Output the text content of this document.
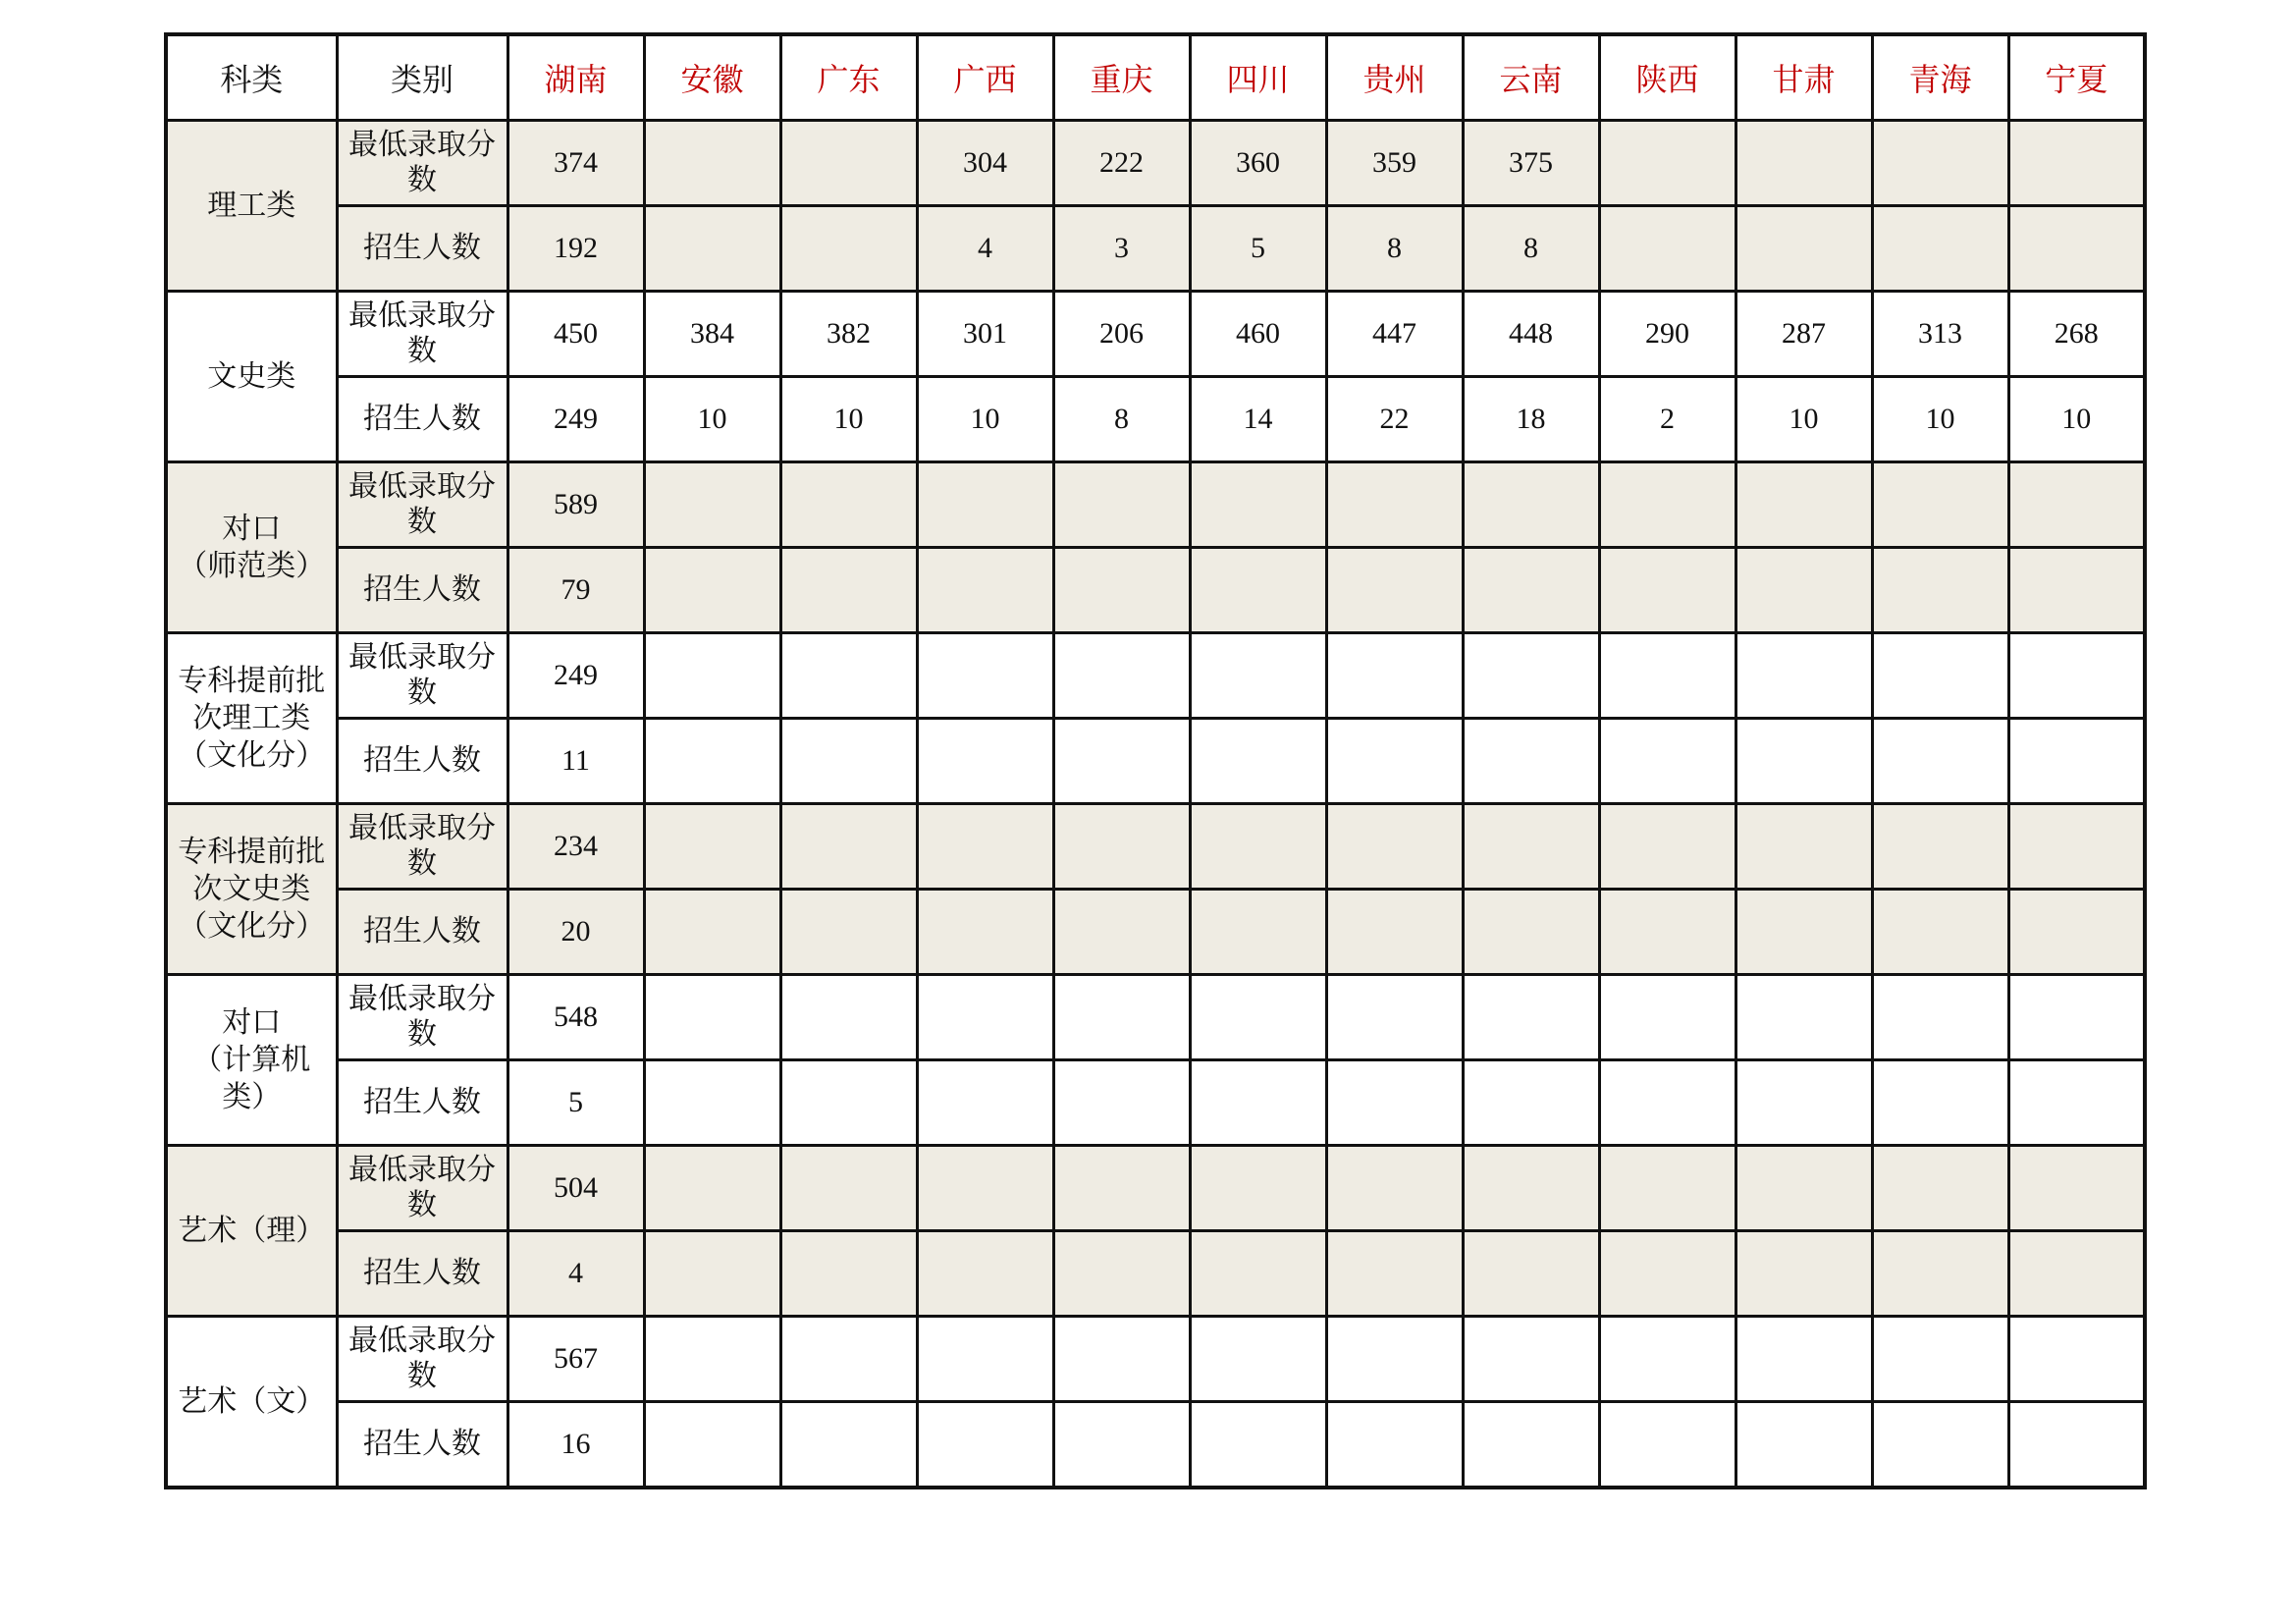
科类	类别	湖南	安徽	广东	广西	重庆	四川	贵州	云南	陕西	甘肃	青海	宁夏

理工类	最低录取分数	374			304	222	360	359	375				
	招生人数	192			4	3	5	8	8				

文史类	最低录取分数	450	384	382	301	206	460	447	448	290	287	313	268
	招生人数	249	10	10	10	8	14	22	18	2	10	10	10

对口
（师范类）	最低录取分数	589											
	招生人数	79											

专科提前批
次理工类
（文化分）	最低录取分数	249											
	招生人数	11											

专科提前批
次文史类
（文化分）	最低录取分数	234											
	招生人数	20											

对口
（计算机
类）	最低录取分数	548											
	招生人数	5											

艺术（理）	最低录取分数	504											
	招生人数	4											

艺术（文）	最低录取分数	567											
	招生人数	16											
